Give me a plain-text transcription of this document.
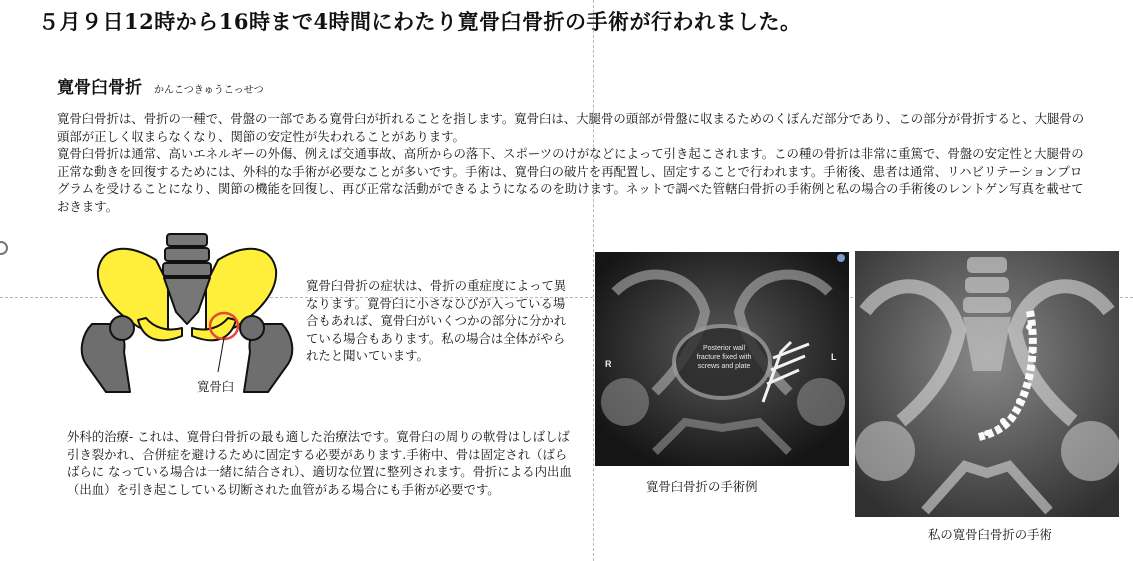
５月９日12時から16時まで4時間にわたり寛骨臼骨折の手術が行われました。
寛骨臼骨折 かんこつきゅうこっせつ

寛骨臼骨折は、骨折の一種で、骨盤の一部である寛骨臼が折れることを指します。寛骨臼は、大腿骨の頭部が骨盤に収まるためのくぼんだ部分であり、この部分が骨折すると、大腿骨の頭部が正しく収まらなくなり、関節の安定性が失われることがあります。

寛骨臼骨折は通常、高いエネルギーの外傷、例えば交通事故、高所からの落下、スポーツのけがなどによって引き起こされます。この種の骨折は非常に重篤で、骨盤の安定性と大腿骨の正常な動きを回復するためには、外科的な手術が必要なことが多いです。手術は、寛骨臼の破片を再配置し、固定することで行われます。手術後、患者は通常、リハビリテーションプログラムを受けることになり、関節の機能を回復し、再び正常な活動ができるようになるのを助けます。ネットで調べた管轄臼骨折の手術例と私の場合の手術後のレントゲン写真を載せておきます。

寛骨臼
寛骨臼骨折の症状は、骨折の重症度によって異なります。寛骨臼に小さなひびが入っている場合もあれば、寛骨臼がいくつかの部分に分かれている場合もあります。私の場合は全体がやられたと聞いています。
外科的治療- これは、寛骨臼骨折の最も適した治療法です。寛骨臼の周りの軟骨はしばしば引き裂かれ、合併症を避けるために固定する必要があります.手術中、骨は固定され（ばらばらに なっている場合は一緒に結合され）、適切な位置に整列されます。骨折による内出血（出血）を引き起こしている切断された血管がある場合にも手術が必要です。
R
L
Posterior wall
fracture fixed with
screws and plate
寛骨臼骨折の手術例
私の寛骨臼骨折の手術
